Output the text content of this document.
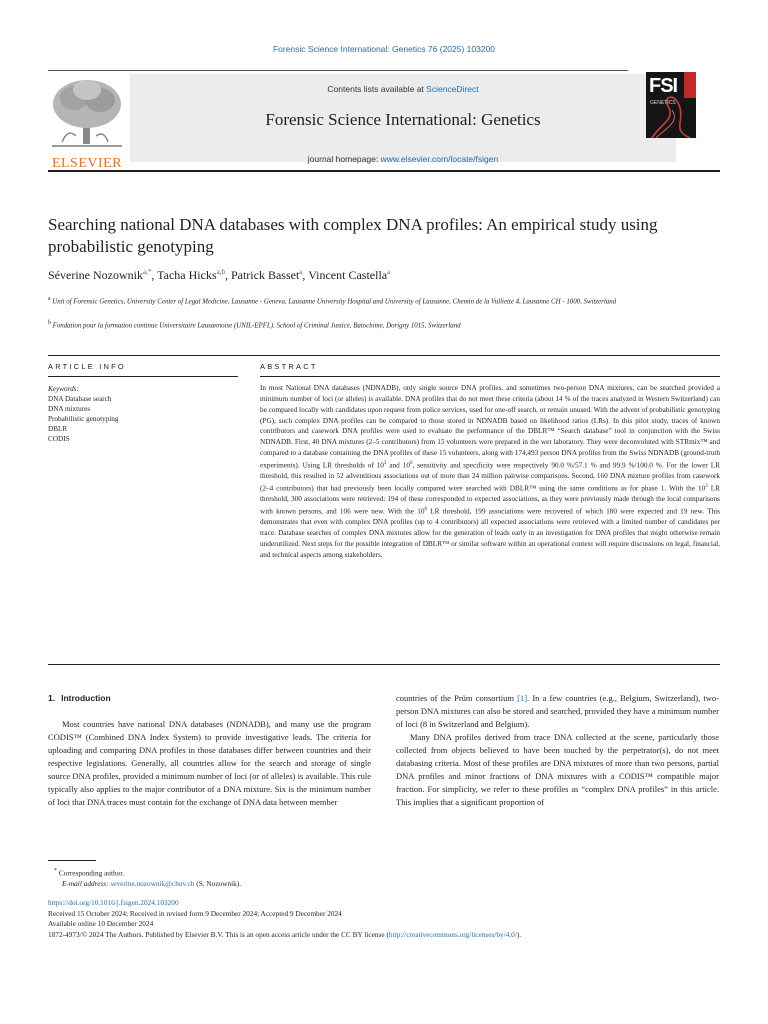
Forensic Science International: Genetics 76 (2025) 103200
ELSEVIER
Contents lists available at ScienceDirect
Forensic Science International: Genetics
journal homepage: www.elsevier.com/locate/fsigen
FSI
GENETICS
Searching national DNA databases with complex DNA profiles: An empirical study using probabilistic genotyping
Séverine Nozownik$^{a,*}$, Tacha Hicks$^{a,b}$, Patrick Basset$^a$, Vincent Castella$^a$
$^a$ Unit of Forensic Genetics, University Center of Legal Medicine, Lausanne - Geneva, Lausanne University Hospital and University of Lausanne, Chemin de la Vulliette 4, Lausanne CH - 1000, Switzerland
$^b$ Fondation pour la formation continue Universitaire Lausannoise (UNIL-EPFL), School of Criminal Justice, Batochime, Dorigny 1015, Switzerland
ARTICLE INFO	ABSTRACT
Keywords:
DNA Database search
DNA mixtures
Probabilistic genotyping
DBLR
CODIS
In most National DNA databases (NDNADB), only single source DNA profiles, and sometimes two-person DNA mixtures, can be searched provided a minimum number of loci (or alleles) is available. DNA profiles that do not meet these criteria (about 14 % of the traces analyzed in Western Switzerland) can be compared locally with candidates upon request from police services, used for one-off search, or remain unused. With the advent of probabilistic genotyping (PG), such complex DNA profiles can be compared to those stored in NDNADB based on likelihood ratios (LRs). In this pilot study, traces of known contributors and casework DNA profiles were used to evaluate the performance of the DBLR™ “Search database” tool in conjunction with the Swiss NDNADB. First, 40 DNA mixtures (2–5 contributors) from 15 volunteers were prepared in the wet laboratory. They were deconvoluted with STRmix™ and compared to a database containing the DNA profiles of these 15 volunteers, along with 174,493 person DNA profiles from the Swiss NDNADB (ground-truth experiments). Using LR thresholds of $10^3$ and $10^6$, sensitivity and specificity were respectively 90.0 %/57.1 % and 99.9 %/100.0 %. For the lower LR threshold, this resulted in 52 adventitious associations out of more than 24 million pairwise comparisons. Second, 160 DNA mixture profiles from casework (2–4 contributors) that had previously been locally compared were searched with DBLR™ using the same conditions as for phase 1. With the $10^3$ LR threshold, 300 associations were retrieved: 194 of these corresponded to expected associations, as they were previously made through the local comparisons with known persons, and 106 were new. With the $10^6$ LR threshold, 199 associations were recovered of which 180 were expected and 19 new. This demonstrates that even with complex DNA profiles (up to 4 contributors) all expected associations were retrieved with a limited number of candidates per trace. Database searches of complex DNA mixtures allow for the generation of leads early in an investigation for DNA profiles that might otherwise remain underutilized. Next steps for the possible integration of DBLR™ or similar software within an operational context will require discussions on legal, financial, and technical aspects among stakeholders.
1. Introduction

Most countries have national DNA databases (NDNADB), and many use the program CODIS™ (Combined DNA Index System) to provide investigative leads. The criteria for uploading and comparing DNA profiles in those databases differ between countries and their respective legislations. Generally, all countries allow for the search and storage of single source DNA profiles, provided a minimum number of loci (or of alleles) is available. This rule typically also applies to the major contributor of a DNA mixture. Six is the minimum number of loci that DNA traces must contain for the exchange of DNA data between member

countries of the Prüm consortium [1]. In a few countries (e.g., Belgium, Switzerland), two-person DNA mixtures can also be stored and searched, provided they have a minimum number of loci (8 in Switzerland and Belgium).

Many DNA profiles derived from trace DNA collected at the scene, particularly those collected from objects believed to have been touched by the perpetrator(s), do not meet databasing criteria. Most of these profiles are DNA mixtures of more than two persons, partial DNA profiles and minor fractions of DNA mixtures with a CODIS™ compatible major fraction. For simplicity, we refer to these profiles as “complex DNA profiles” in this article. This implies that a significant proportion of

* Corresponding author.
E-mail address: severine.nozownik@chuv.ch (S. Nozownik).
https://doi.org/10.1016/j.fsigen.2024.103200
Received 15 October 2024; Received in revised form 9 December 2024; Accepted 9 December 2024
Available online 10 December 2024
1872-4973/© 2024 The Authors. Published by Elsevier B.V. This is an open access article under the CC BY license (http://creativecommons.org/licenses/by/4.0/).
